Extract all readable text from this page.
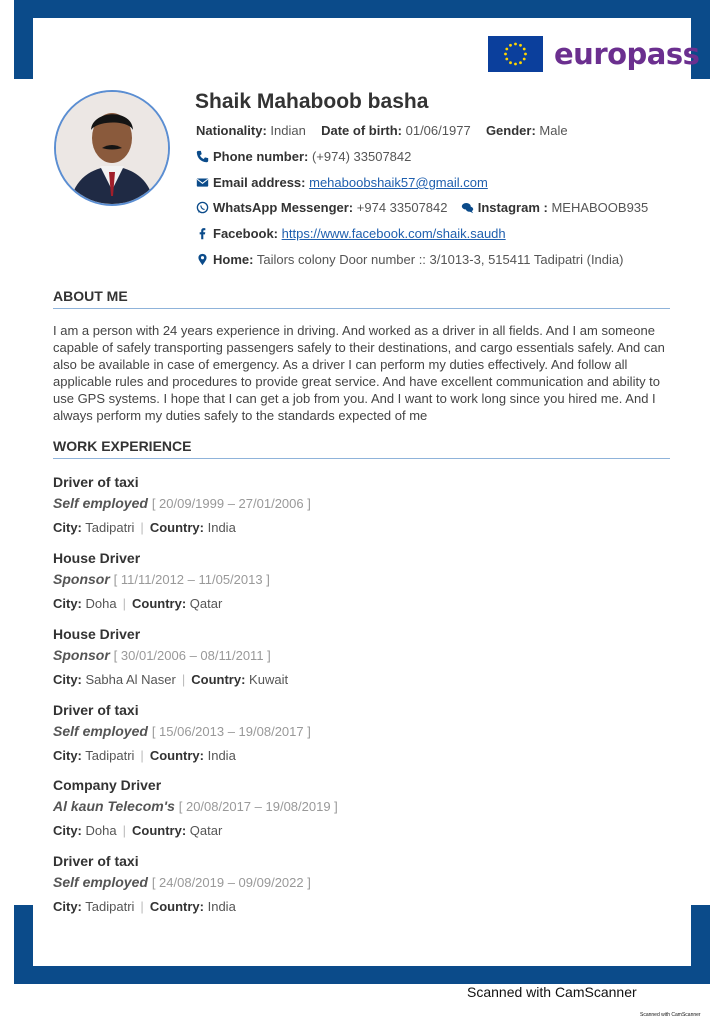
europass
Shaik Mahaboob basha
Nationality: Indian Date of birth: 01/06/1977 Gender: Male
Phone number: (+974) 33507842
Email address: mehaboobshaik57@gmail.com
WhatsApp Messenger: +974 33507842 Instagram : MEHABOOB935
Facebook: https://www.facebook.com/shaik.saudh
Home: Tailors colony Door number :: 3/1013-3, 515411 Tadipatri (India)
ABOUT ME
I am a person with 24 years experience in driving. And worked as a driver in all fields. And I am someone capable of safely transporting passengers safely to their destinations, and cargo essentials safely. And can also be available in case of emergency. As a driver I can perform my duties effectively. And follow all applicable rules and procedures to provide great service. And have excellent communication and ability to use GPS systems. I hope that I can get a job from you. And I want to work long since you hired me. And I always perform my duties safely to the standards expected of me
WORK EXPERIENCE
Driver of taxi
Self employed [ 20/09/1999 – 27/01/2006 ]
City: Tadipatri | Country: India
House Driver
Sponsor [ 11/11/2012 – 11/05/2013 ]
City: Doha | Country: Qatar
House Driver
Sponsor [ 30/01/2006 – 08/11/2011 ]
City: Sabha Al Naser | Country: Kuwait
Driver of taxi
Self employed [ 15/06/2013 – 19/08/2017 ]
City: Tadipatri | Country: India
Company Driver
Al kaun Telecom's [ 20/08/2017 – 19/08/2019 ]
City: Doha | Country: Qatar
Driver of taxi
Self employed [ 24/08/2019 – 09/09/2022 ]
City: Tadipatri | Country: India
Scanned with CamScanner
Scanned with CamScanner
